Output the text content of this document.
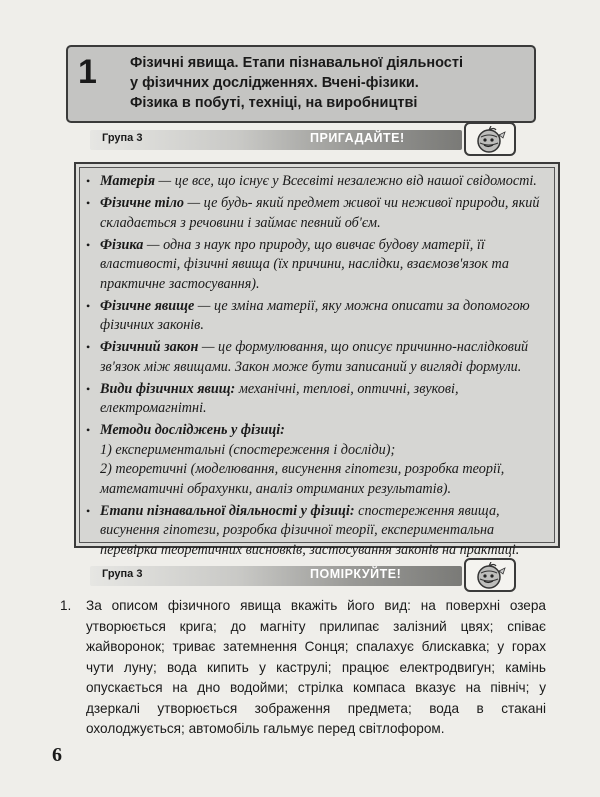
1	Фізичні явища. Етапи пізнавальної діяльності
у фізичних дослідженнях. Вчені-фізики.
Фізика в побуті, техніці, на виробництві
Група 3	ПРИГАДАЙТЕ!
• Матерія — це все, що існує у Всесвіті незалежно від нашої свідомості.
• Фізичне тіло — це будь- який предмет живої чи неживої природи, який складається з речовини і займає певний об'єм.
• Фізика — одна з наук про природу, що вивчає будову матерії, її властивості, фізичні явища (їх причини, наслідки, взаємозв'язок та практичне застосування).
• Фізичне явище — це зміна матерії, яку можна описати за допомогою фізичних законів.
• Фізичний закон — це формулювання, що описує причинно-наслідковий зв'язок між явищами. Закон може бути записаний у вигляді формули.
• Види фізичних явищ: механічні, теплові, оптичні, звукові, електромагнітні.
• Методи досліджень у фізиці:
1) експериментальні (спостереження і досліди);
2) теоретичні (моделювання, висунення гіпотези, розробка теорії, математичні обрахунки, аналіз отриманих результатів).
• Етапи пізнавальної діяльності у фізиці: спостереження явища, висунення гіпотези, розробка фізичної теорії, експериментальна перевірка теоретичних висновків, застосування законів на практиці.
Група 3	ПОМІРКУЙТЕ!
1. За описом фізичного явища вкажіть його вид: на поверхні озера утворюється крига; до магніту прилипає залізний цвях; співає жайворонок; триває затемнення Сонця; спалахує блискавка; у горах чути луну; вода кипить у каструлі; працює електродвигун; камінь опускається на дно водойми; стрілка компаса вказує на північ; у дзеркалі утворюється зображення предмета; вода в стакані охолоджується; автомобіль гальмує перед світлофором.
6
